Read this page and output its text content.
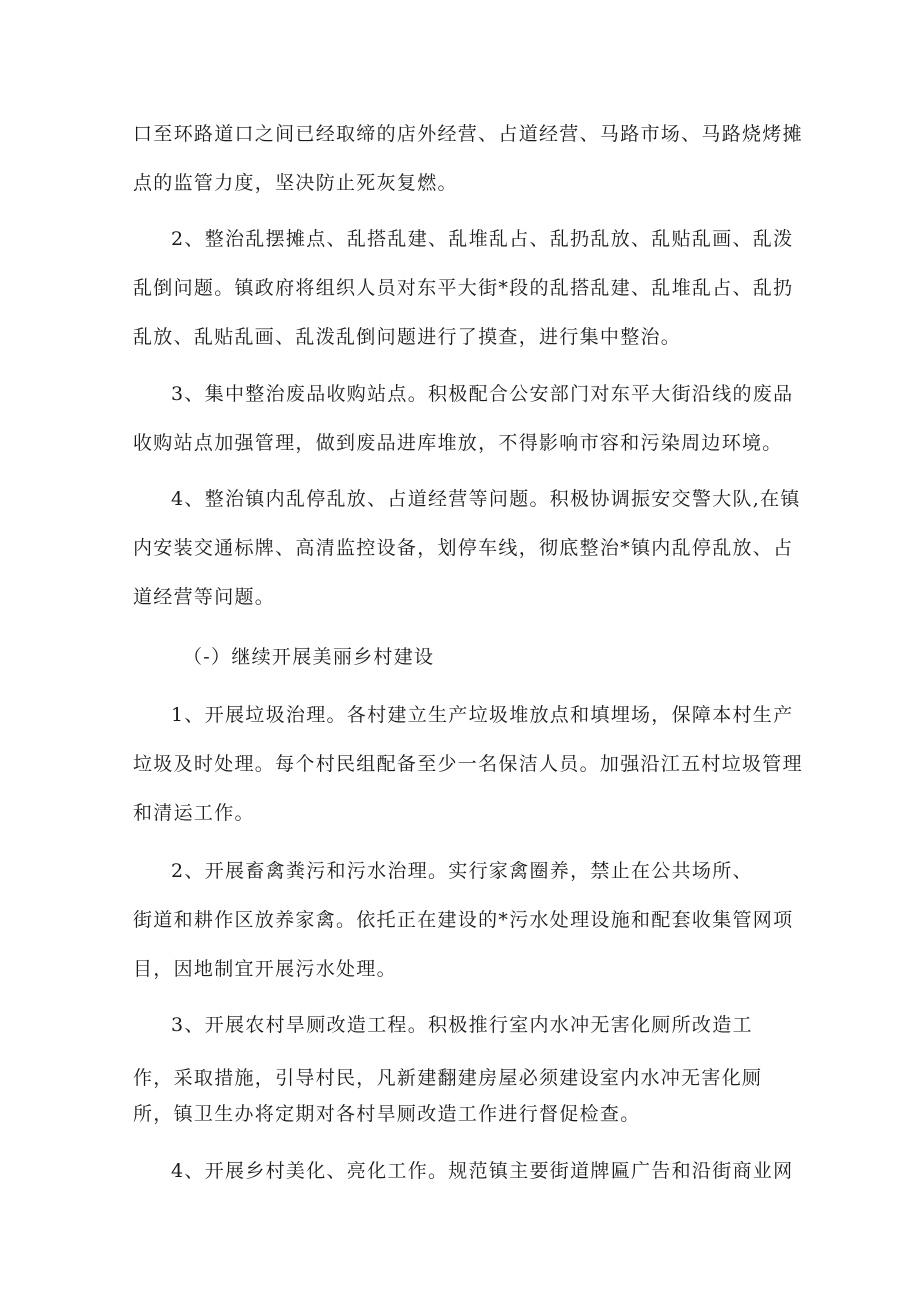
口至环路道口之间已经取缔的店外经营、占道经营、马路市场、马路烧烤摊

点的监管力度，坚决防止死灰复燃。

2、整治乱摆摊点、乱搭乱建、乱堆乱占、乱扔乱放、乱贴乱画、乱泼

乱倒问题。镇政府将组织人员对东平大街*段的乱搭乱建、乱堆乱占、乱扔

乱放、乱贴乱画、乱泼乱倒问题进行了摸查，进行集中整治。

3、集中整治废品收购站点。积极配合公安部门对东平大街沿线的废品

收购站点加强管理，做到废品进库堆放，不得影响市容和污染周边环境。

4、整治镇内乱停乱放、占道经营等问题。积极协调振安交警大队,在镇

内安装交通标牌、高清监控设备，划停车线，彻底整治*镇内乱停乱放、占

道经营等问题。

（-）继续开展美丽乡村建设

1、开展垃圾治理。各村建立生产垃圾堆放点和填埋场，保障本村生产

垃圾及时处理。每个村民组配备至少一名保洁人员。加强沿江五村垃圾管理

和清运工作。

2、开展畜禽粪污和污水治理。实行家禽圈养，禁止在公共场所、

街道和耕作区放养家禽。依托正在建设的*污水处理设施和配套收集管网项

目，因地制宜开展污水处理。

3、开展农村旱厕改造工程。积极推行室内水冲无害化厕所改造工

作，采取措施，引导村民，凡新建翻建房屋必须建设室内水冲无害化厕

所，镇卫生办将定期对各村旱厕改造工作进行督促检查。

4、开展乡村美化、亮化工作。规范镇主要街道牌匾广告和沿街商业网
